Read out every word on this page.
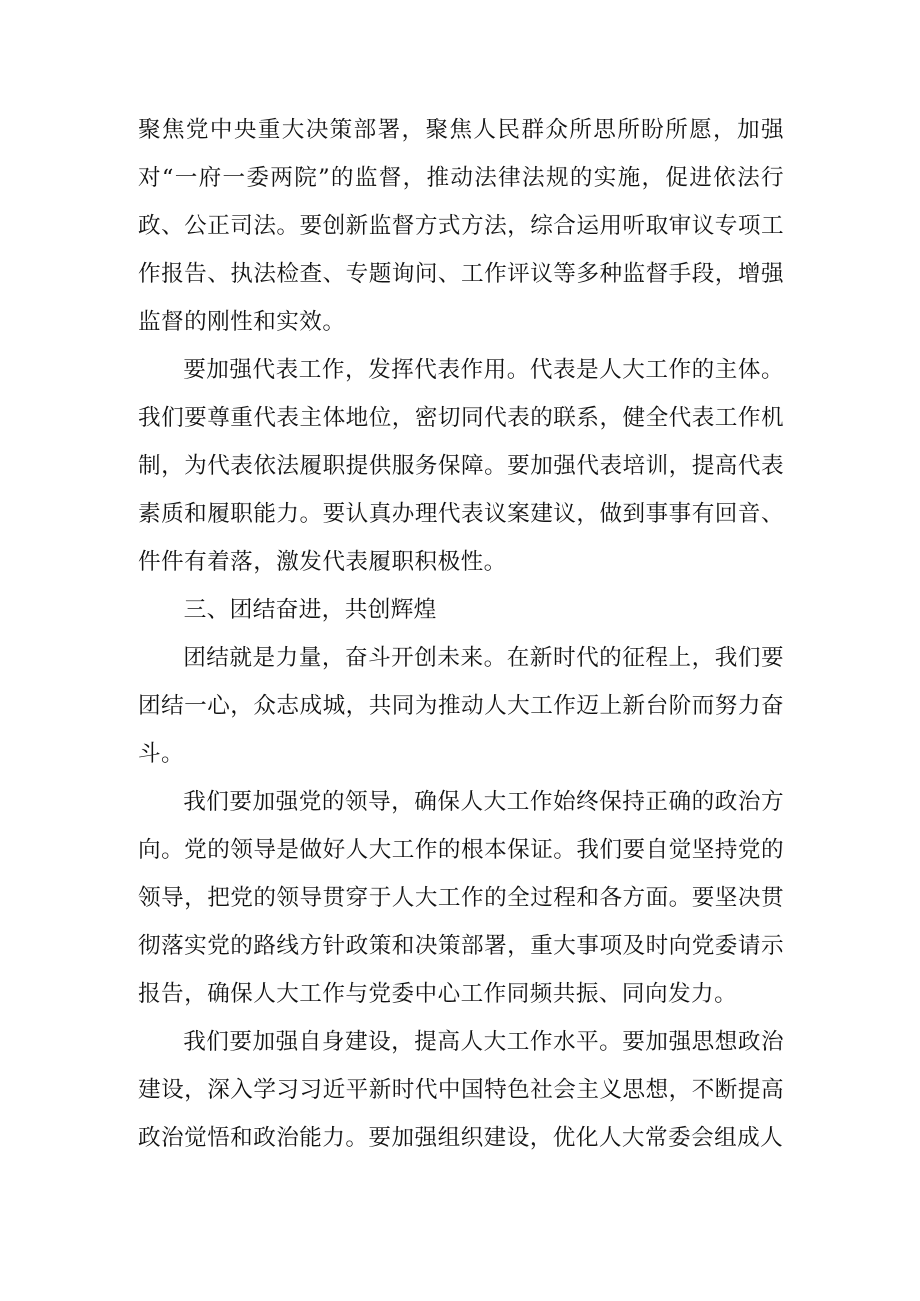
聚焦党中央重大决策部署，聚焦人民群众所思所盼所愿，加强对“一府一委两院”的监督，推动法律法规的实施，促进依法行政、公正司法。要创新监督方式方法，综合运用听取审议专项工作报告、执法检查、专题询问、工作评议等多种监督手段，增强监督的刚性和实效。

要加强代表工作，发挥代表作用。代表是人大工作的主体。我们要尊重代表主体地位，密切同代表的联系，健全代表工作机制，为代表依法履职提供服务保障。要加强代表培训，提高代表素质和履职能力。要认真办理代表议案建议，做到事事有回音、件件有着落，激发代表履职积极性。

三、团结奋进，共创辉煌

团结就是力量，奋斗开创未来。在新时代的征程上，我们要团结一心，众志成城，共同为推动人大工作迈上新台阶而努力奋斗。

我们要加强党的领导，确保人大工作始终保持正确的政治方向。党的领导是做好人大工作的根本保证。我们要自觉坚持党的领导，把党的领导贯穿于人大工作的全过程和各方面。要坚决贯彻落实党的路线方针政策和决策部署，重大事项及时向党委请示报告，确保人大工作与党委中心工作同频共振、同向发力。

我们要加强自身建设，提高人大工作水平。要加强思想政治建设，深入学习习近平新时代中国特色社会主义思想，不断提高政治觉悟和政治能力。要加强组织建设，优化人大常委会组成人
